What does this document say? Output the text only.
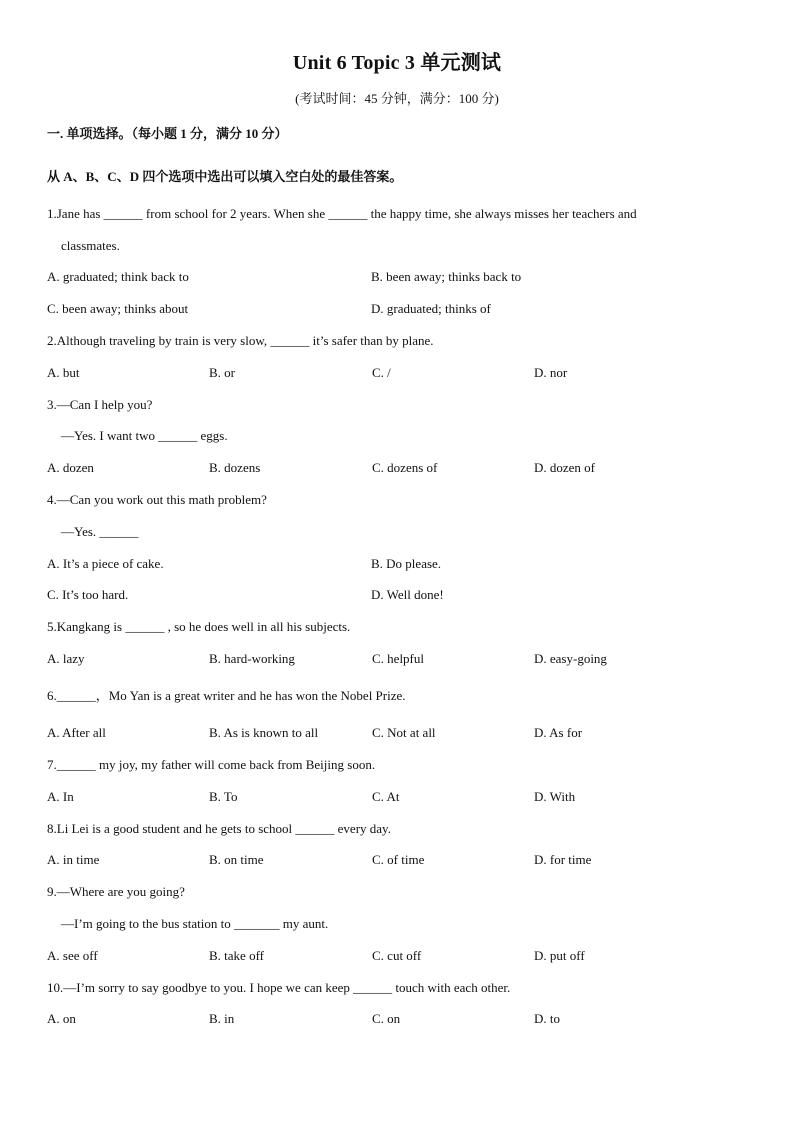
Unit 6 Topic 3 单元测试
(考试时间：45 分钟，满分：100 分)
一. 单项选择。（每小题 1 分，满分 10 分）
从 A、B、C、D 四个选项中选出可以填入空白处的最佳答案。
1.Jane has ______ from school for 2 years. When she ______ the happy time, she always misses her teachers and
classmates.
A. graduated; think back to	B. been away; thinks back to
C. been away; thinks about	D. graduated; thinks of
2.Although traveling by train is very slow, ______ it’s safer than by plane.
A. but	B. or	C. /	D. nor
3.—Can I help you?
—Yes. I want two ______ eggs.
A. dozen	B. dozens	C. dozens of	D. dozen of
4.—Can you work out this math problem?
—Yes. ______
A. It’s a piece of cake.	B. Do please.
C. It’s too hard.	D. Well done!
5.Kangkang is ______ , so he does well in all his subjects.
A. lazy	B. hard-working	C. helpful	D. easy-going
6.______，Mo Yan is a great writer and he has won the Nobel Prize.
A. After all	B. As is known to all	C. Not at all	D. As for
7.______ my joy, my father will come back from Beijing soon.
A. In	B. To	C. At	D. With
8.Li Lei is a good student and he gets to school ______ every day.
A. in time	B. on time	C. of time	D. for time
9.—Where are you going?
—I’m going to the bus station to _______ my aunt.
A. see off	B. take off	C. cut off	D. put off
10.—I’m sorry to say goodbye to you. I hope we can keep ______ touch with each other.
A. on	B. in	C. on	D. to
